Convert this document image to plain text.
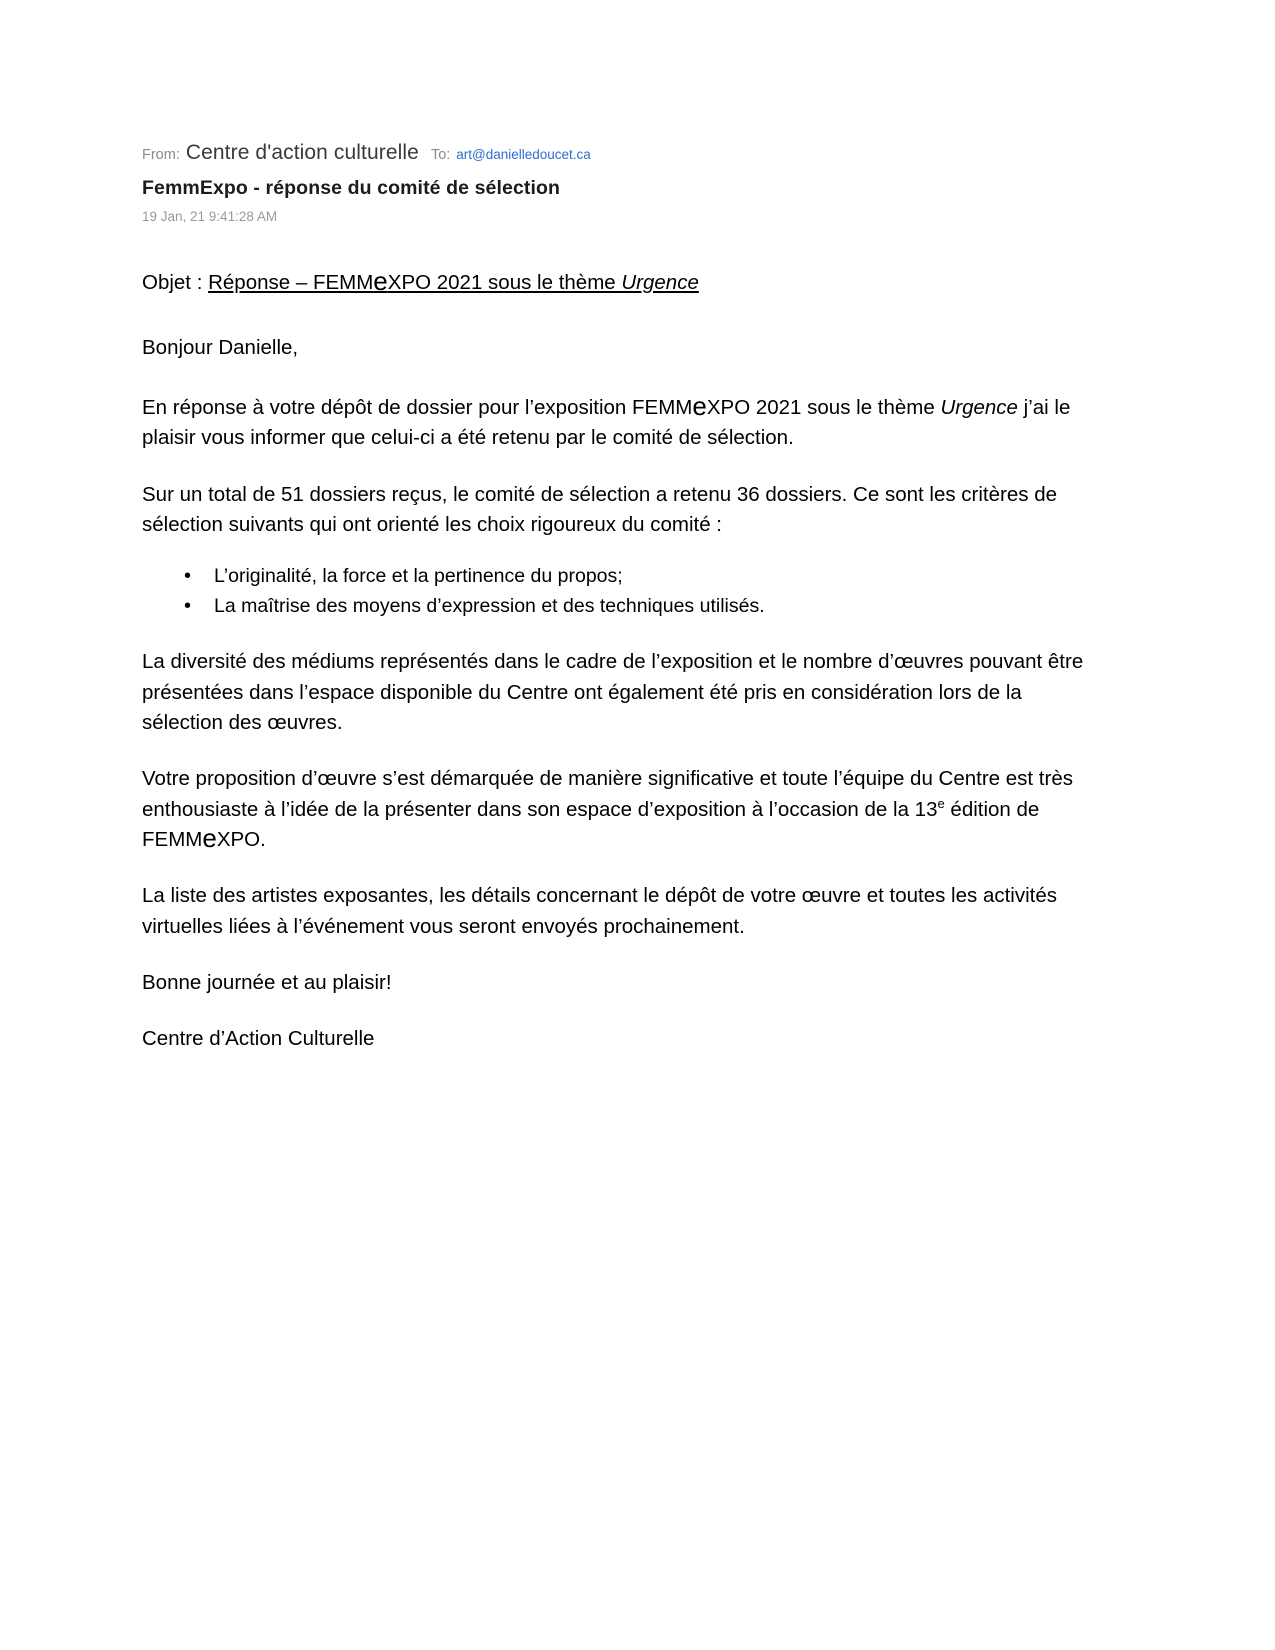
From: Centre d'action culturelle To: art@danielledoucet.ca
FemmExpo - réponse du comité de sélection
19 Jan, 21 9:41:28 AM

Objet : Réponse – FEMMeXPO 2021 sous le thème Urgence

Bonjour Danielle,

En réponse à votre dépôt de dossier pour l’exposition FEMMeXPO 2021 sous le thème Urgence j’ai le plaisir vous informer que celui-ci a été retenu par le comité de sélection.

Sur un total de 51 dossiers reçus, le comité de sélection a retenu 36 dossiers. Ce sont les critères de sélection suivants qui ont orienté les choix rigoureux du comité :

• L’originalité, la force et la pertinence du propos;
• La maîtrise des moyens d’expression et des techniques utilisés.

La diversité des médiums représentés dans le cadre de l’exposition et le nombre d’œuvres pouvant être présentées dans l’espace disponible du Centre ont également été pris en considération lors de la sélection des œuvres.

Votre proposition d’œuvre s’est démarquée de manière significative et toute l’équipe du Centre est très enthousiaste à l’idée de la présenter dans son espace d’exposition à l’occasion de la 13e édition de FEMMeXPO.

La liste des artistes exposantes, les détails concernant le dépôt de votre œuvre et toutes les activités virtuelles liées à l’événement vous seront envoyés prochainement.

Bonne journée et au plaisir!

Centre d’Action Culturelle
